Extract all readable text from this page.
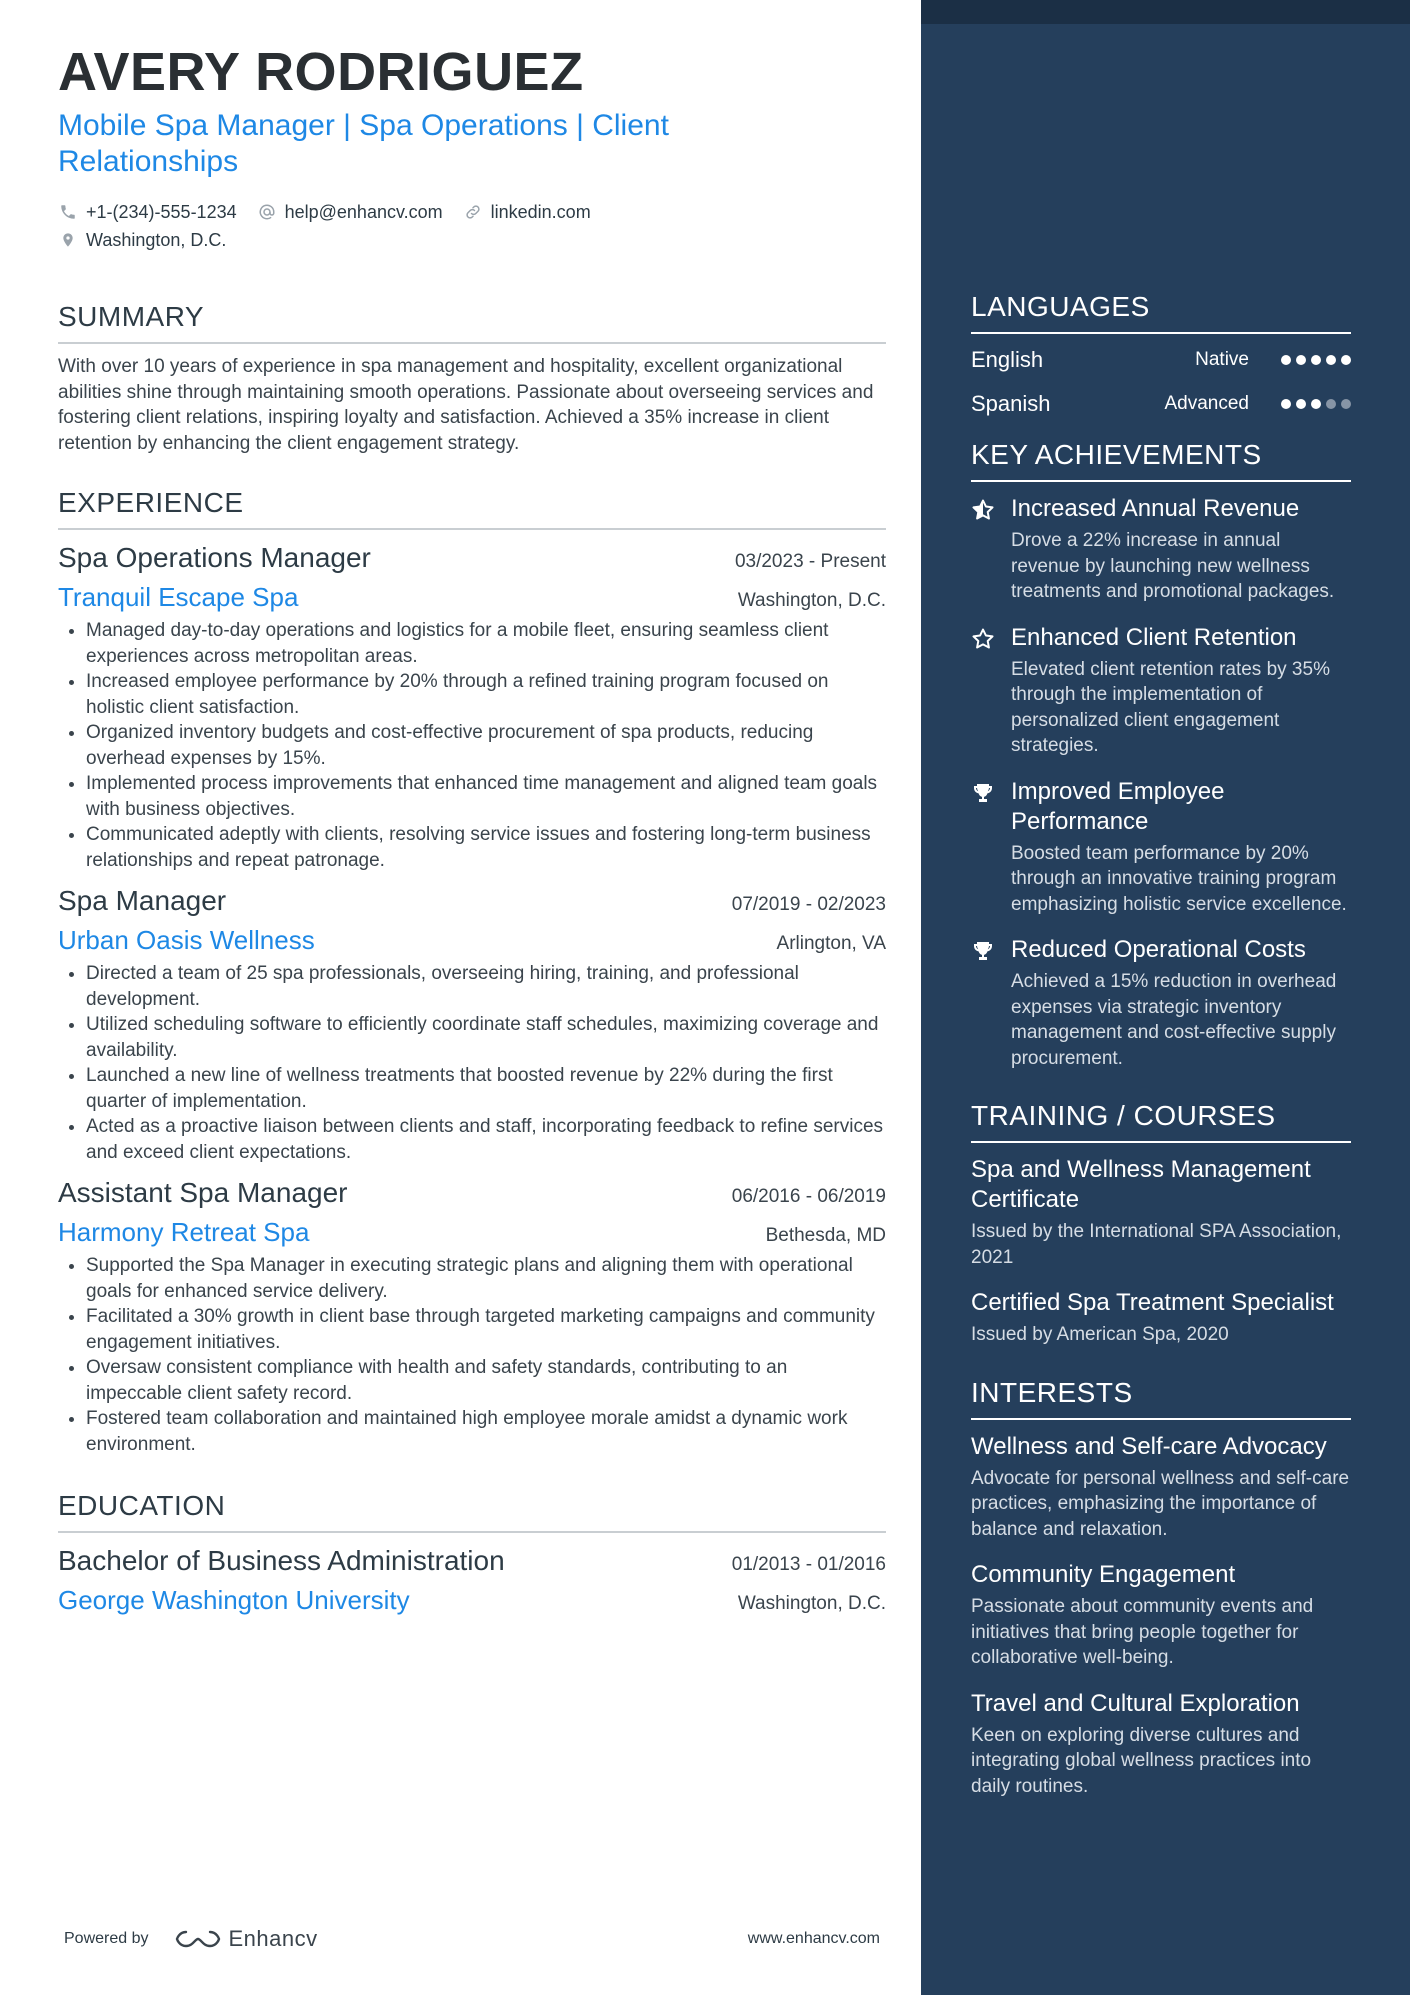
AVERY RODRIGUEZ
Mobile Spa Manager | Spa Operations | Client Relationships
+1-(234)-555-1234	help@enhancv.com	linkedin.com
Washington, D.C.
SUMMARY
With over 10 years of experience in spa management and hospitality, excellent organizational abilities shine through maintaining smooth operations. Passionate about overseeing services and fostering client relations, inspiring loyalty and satisfaction. Achieved a 35% increase in client retention by enhancing the client engagement strategy.
EXPERIENCE
Spa Operations Manager	03/2023 - Present
Tranquil Escape Spa	Washington, D.C.
• Managed day-to-day operations and logistics for a mobile fleet, ensuring seamless client experiences across metropolitan areas.
• Increased employee performance by 20% through a refined training program focused on holistic client satisfaction.
• Organized inventory budgets and cost-effective procurement of spa products, reducing overhead expenses by 15%.
• Implemented process improvements that enhanced time management and aligned team goals with business objectives.
• Communicated adeptly with clients, resolving service issues and fostering long-term business relationships and repeat patronage.
Spa Manager	07/2019 - 02/2023
Urban Oasis Wellness	Arlington, VA
• Directed a team of 25 spa professionals, overseeing hiring, training, and professional development.
• Utilized scheduling software to efficiently coordinate staff schedules, maximizing coverage and availability.
• Launched a new line of wellness treatments that boosted revenue by 22% during the first quarter of implementation.
• Acted as a proactive liaison between clients and staff, incorporating feedback to refine services and exceed client expectations.
Assistant Spa Manager	06/2016 - 06/2019
Harmony Retreat Spa	Bethesda, MD
• Supported the Spa Manager in executing strategic plans and aligning them with operational goals for enhanced service delivery.
• Facilitated a 30% growth in client base through targeted marketing campaigns and community engagement initiatives.
• Oversaw consistent compliance with health and safety standards, contributing to an impeccable client safety record.
• Fostered team collaboration and maintained high employee morale amidst a dynamic work environment.
EDUCATION
Bachelor of Business Administration	01/2013 - 01/2016
George Washington University	Washington, D.C.
Powered by	Enhancv	www.enhancv.com
LANGUAGES
English	Native
Spanish	Advanced
KEY ACHIEVEMENTS
Increased Annual Revenue
Drove a 22% increase in annual revenue by launching new wellness treatments and promotional packages.
Enhanced Client Retention
Elevated client retention rates by 35% through the implementation of personalized client engagement strategies.
Improved Employee Performance
Boosted team performance by 20% through an innovative training program emphasizing holistic service excellence.
Reduced Operational Costs
Achieved a 15% reduction in overhead expenses via strategic inventory management and cost-effective supply procurement.
TRAINING / COURSES
Spa and Wellness Management Certificate
Issued by the International SPA Association, 2021
Certified Spa Treatment Specialist
Issued by American Spa, 2020
INTERESTS
Wellness and Self-care Advocacy
Advocate for personal wellness and self-care practices, emphasizing the importance of balance and relaxation.
Community Engagement
Passionate about community events and initiatives that bring people together for collaborative well-being.
Travel and Cultural Exploration
Keen on exploring diverse cultures and integrating global wellness practices into daily routines.
